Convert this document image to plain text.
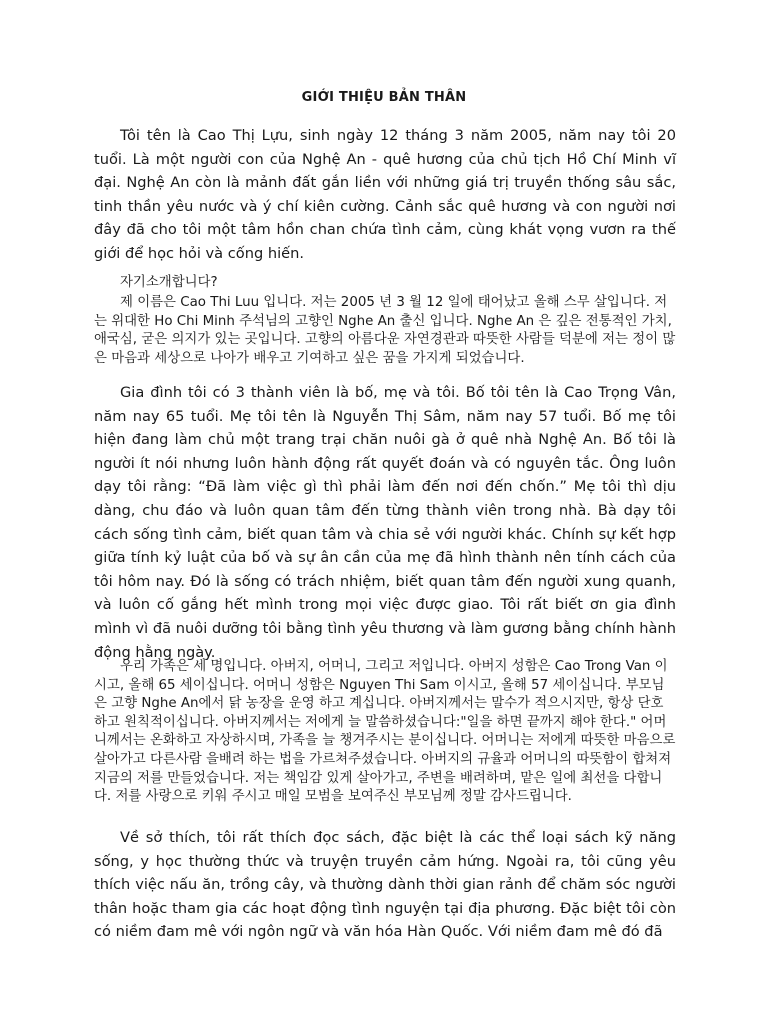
GIỚI THIỆU BẢN THÂN

Tôi tên là Cao Thị Lựu, sinh ngày 12 tháng 3 năm 2005, năm nay tôi 20 tuổi. Là một người con của Nghệ An - quê hương của chủ tịch Hồ Chí Minh vĩ đại. Nghệ An còn là mảnh đất gắn liền với những giá trị truyền thống sâu sắc, tinh thần yêu nước và ý chí kiên cường. Cảnh sắc quê hương và con người nơi đây đã cho tôi một tâm hồn chan chứa tình cảm, cùng khát vọng vươn ra thế giới để học hỏi và cống hiến.

자기소개합니다?

제 이름은 Cao Thi Luu 입니다. 저는 2005 년 3 월 12 일에 태어났고 올해 스무 살입니다. 저는 위대한 Ho Chi Minh 주석님의 고향인 Nghe An 출신 입니다. Nghe An 은 깊은 전통적인 가치, 애국심, 굳은 의지가 있는 곳입니다. 고향의 아름다운 자연경관과 따뜻한 사람들 덕분에 저는 정이 많은 마음과 세상으로 나아가 배우고 기여하고 싶은 꿈을 가지게 되었습니다.

Gia đình tôi có 3 thành viên là bố, mẹ và tôi. Bố tôi tên là Cao Trọng Vân, năm nay 65 tuổi. Mẹ tôi tên là Nguyễn Thị Sâm, năm nay 57 tuổi. Bố mẹ tôi hiện đang làm chủ một trang trại chăn nuôi gà ở quê nhà Nghệ An. Bố tôi là người ít nói nhưng luôn hành động rất quyết đoán và có nguyên tắc. Ông luôn dạy tôi rằng: “Đã làm việc gì thì phải làm đến nơi đến chốn.” Mẹ tôi thì dịu dàng, chu đáo và luôn quan tâm đến từng thành viên trong nhà. Bà dạy tôi cách sống tình cảm, biết quan tâm và chia sẻ với người khác. Chính sự kết hợp giữa tính kỷ luật của bố và sự ân cần của mẹ đã hình thành nên tính cách của tôi hôm nay. Đó là sống có trách nhiệm, biết quan tâm đến người xung quanh, và luôn cố gắng hết mình trong mọi việc được giao. Tôi rất biết ơn gia đình mình vì đã nuôi dưỡng tôi bằng tình yêu thương và làm gương bằng chính hành động hằng ngày.

우리 가족은 세 명입니다. 아버지, 어머니, 그리고 저입니다. 아버지 성함은 Cao Trong Van 이시고, 올해 65 세이십니다. 어머니 성함은 Nguyen Thi Sam 이시고, 올해 57 세이십니다. 부모님은 고향 Nghe An에서 닭 농장을 운영 하고 계십니다. 아버지께서는 말수가 적으시지만, 항상 단호하고 원칙적이십니다. 아버지께서는 저에게 늘 말씀하셨습니다:"일을 하면 끝까지 해야 한다." 어머니께서는 온화하고 자상하시며, 가족을 늘 챙겨주시는 분이십니다. 어머니는 저에게 따뜻한 마음으로 살아가고 다른사람 을배려 하는 법을 가르쳐주셨습니다. 아버지의 규율과 어머니의 따뜻함이 합쳐져 지금의 저를 만들었습니다. 저는 책임감 있게 살아가고, 주변을 배려하며, 맡은 일에 최선을 다합니다. 저를 사랑으로 키워 주시고 매일 모범을 보여주신 부모님께 정말 감사드립니다.

Về sở thích, tôi rất thích đọc sách, đặc biệt là các thể loại sách kỹ năng sống, y học thường thức và truyện truyền cảm hứng. Ngoài ra, tôi cũng yêu thích việc nấu ăn, trồng cây, và thường dành thời gian rảnh để chăm sóc người thân hoặc tham gia các hoạt động tình nguyện tại địa phương. Đặc biệt tôi còn có niềm đam mê với ngôn ngữ và văn hóa Hàn Quốc. Với niềm đam mê đó đã
